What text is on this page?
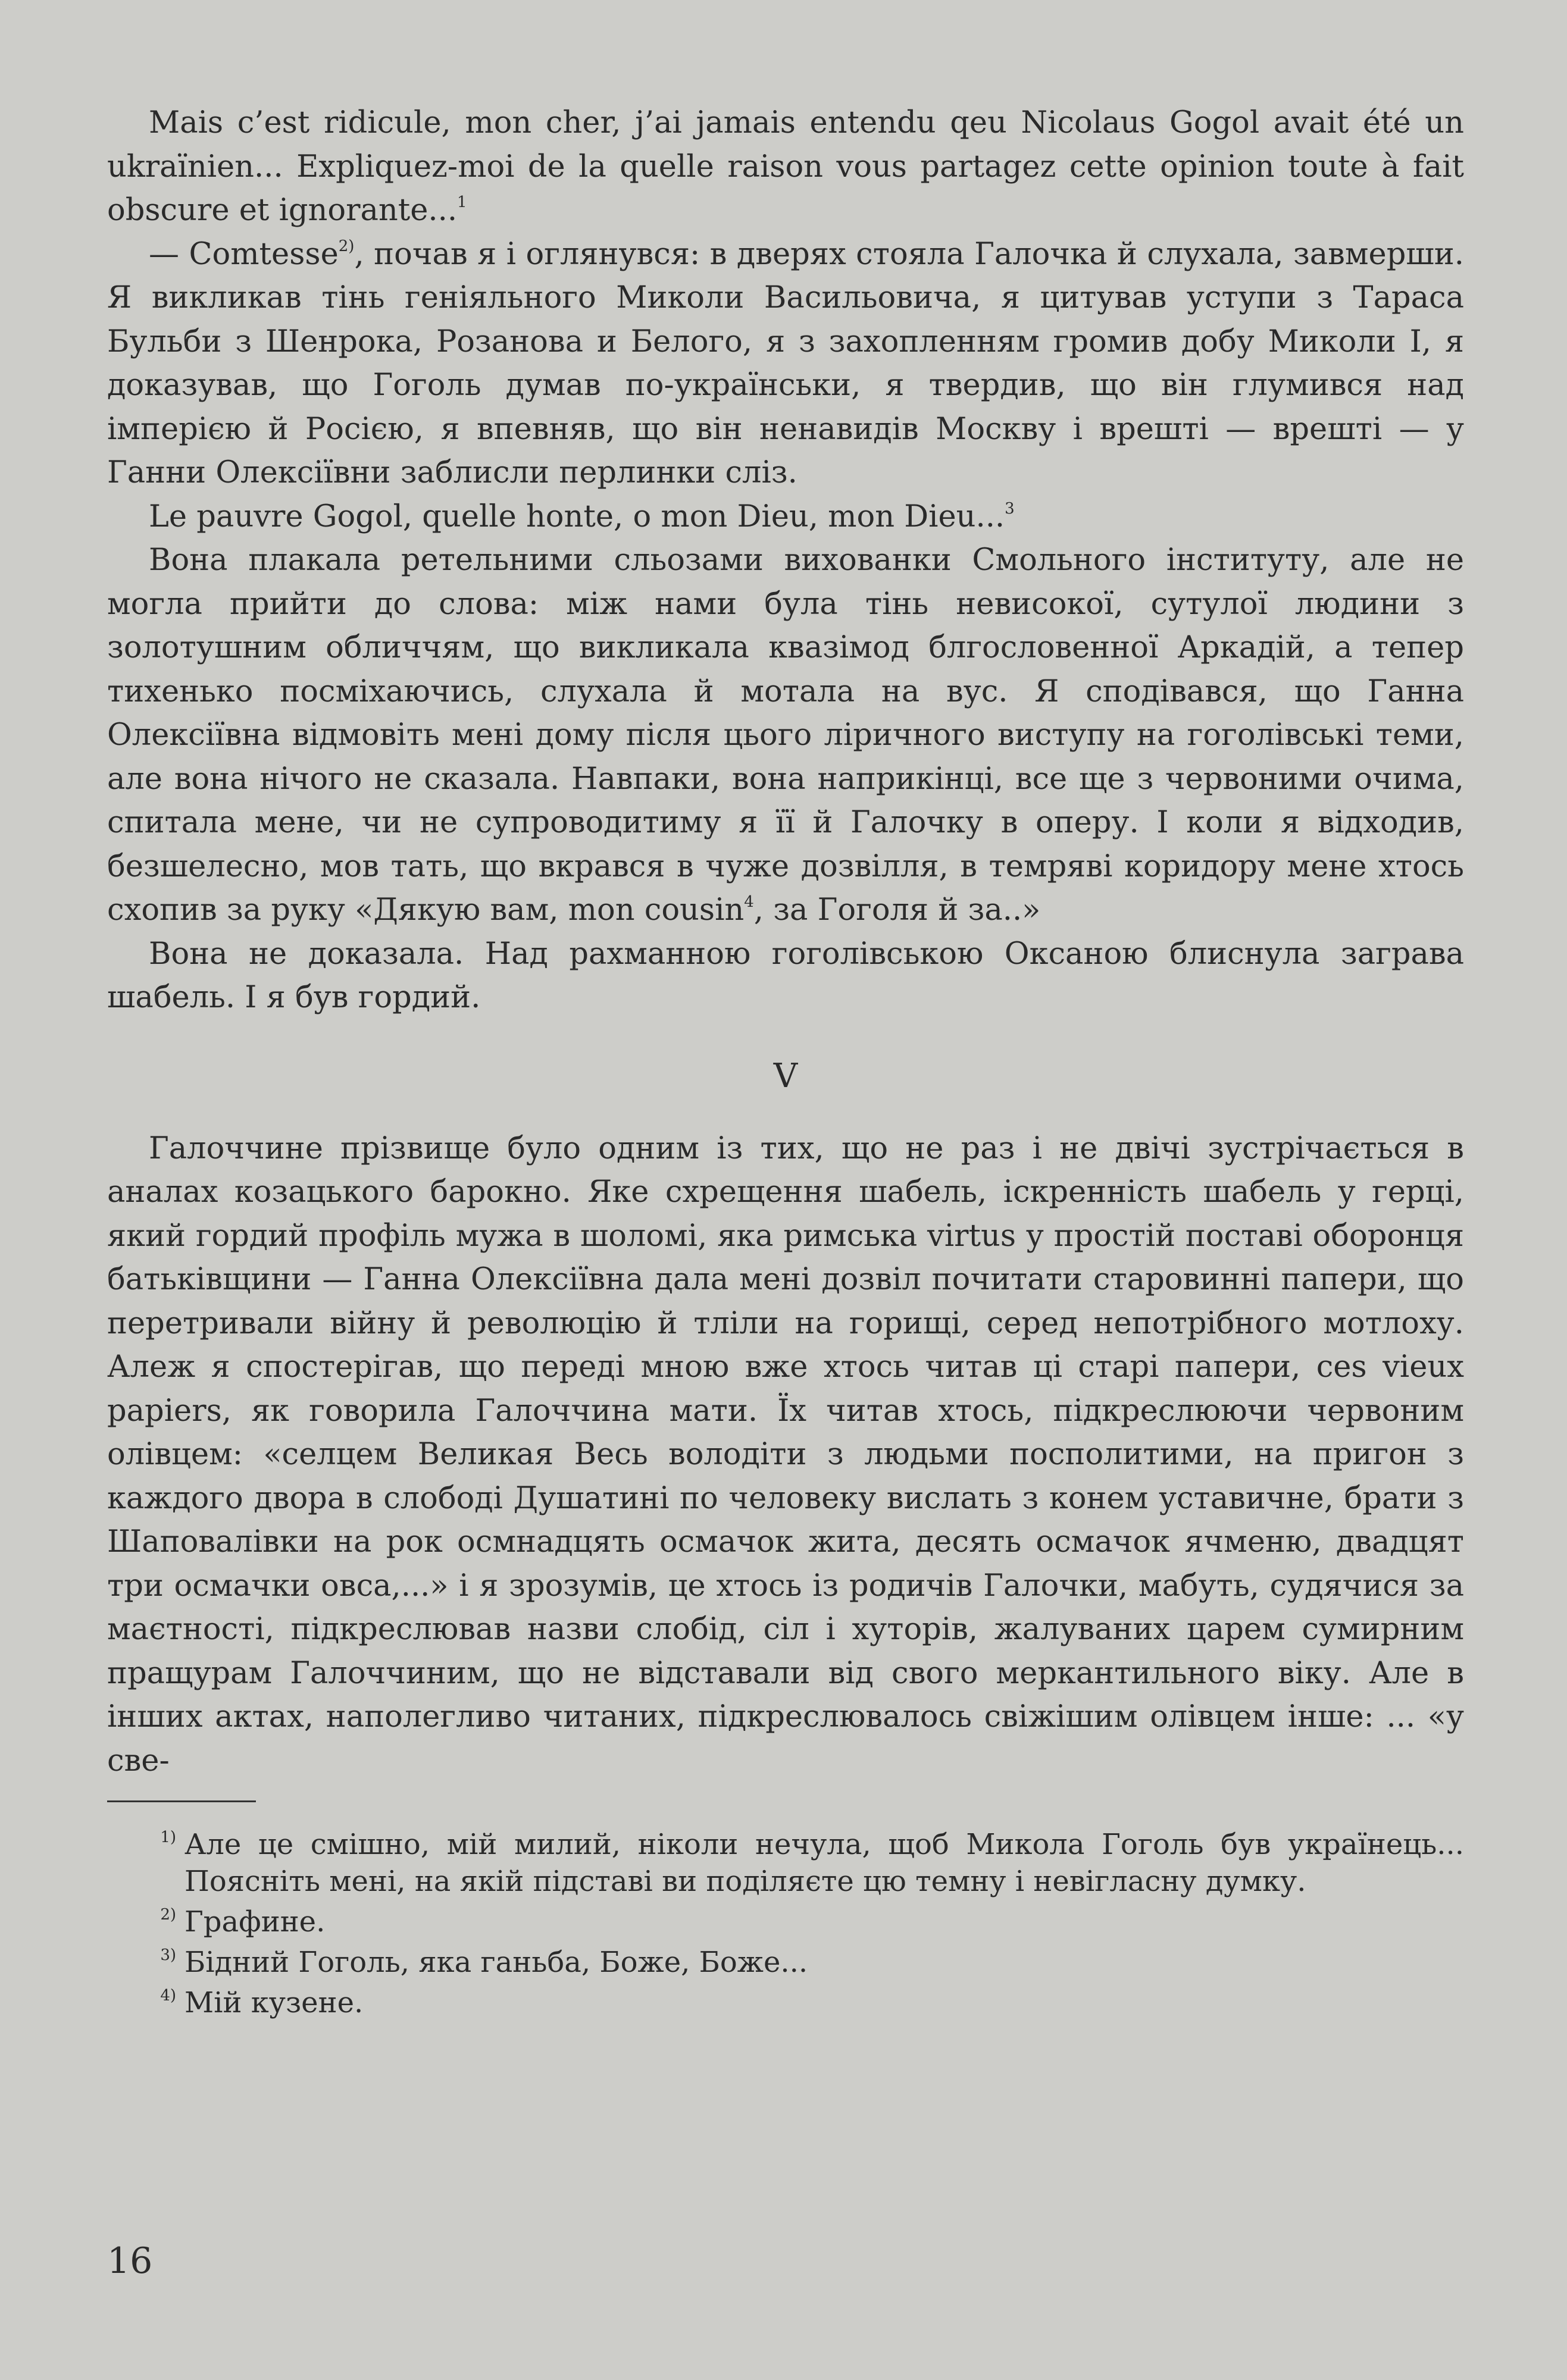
Mais c’est ridicule, mon cher, j’ai jamais entendu qeu Nicolaus Gogol avait été un ukraïnien... Expliquez-moi de la quelle raison vous partagez cette opinion toute à fait obscure et ignorante...$^1$

— Comtesse$^{2)}$, почав я і оглянувся: в дверях стояла Галочка й слухала, завмерши. Я викликав тінь геніяльного Миколи Васильовича, я цитував уступи з Тараса Бульби з Шенрока, Розанова и Белого, я з захопленням громив добу Миколи І, я доказував, що Гоголь думав по-українськи, я твердив, що він глумився над імперією й Росією, я впевняв, що він ненавидів Москву і врешті — врешті — у Ганни Олексіївни заблисли перлинки сліз.

Le pauvre Gogol, quelle honte, o mon Dieu, mon Dieu...$^3$

Вона плакала ретельними сльозами вихованки Смольного інституту, але не могла прийти до слова: між нами була тінь невисокої, сутулої людини з золотушним обличчям, що викликала квазімод блгословенної Аркадій, а тепер тихенько посміхаючись, слухала й мотала на вус. Я сподівався, що Ганна Олексіївна відмовіть мені дому після цього ліричного виступу на гоголівські теми, але вона нічого не сказала. Навпаки, вона наприкінці, все ще з червоними очима, спитала мене, чи не супроводитиму я її й Галочку в оперу. І коли я відходив, безшелесно, мов тать, що вкрався в чуже дозвілля, в темряві коридору мене хтось схопив за руку «Дякую вам, mon cousin$^4$, за Гоголя й за..»

Вона не доказала. Над рахманною гоголівською Оксаною блиснула заграва шабель. І я був гордий.

V

Галоччине прізвище було одним із тих, що не раз і не двічі зустрічається в аналах козацького барокно. Яке схрещення шабель, іскренність шабель у герці, який гордий профіль мужа в шоломі, яка римська virtus у простій поставі оборонця батьківщини — Ганна Олексіївна дала мені дозвіл почитати старовинні папери, що перетривали війну й революцію й тліли на горищі, серед непотрібного мотлоху. Алеж я спостерігав, що переді мною вже хтось читав ці старі папери, ces vieux papiers, як говорила Галоччина мати. Їх читав хтось, підкреслюючи червоним олівцем: «селцем Великая Весь володіти з людьми посполитими, на пригон з каждого двора в слободі Душатині по человеку вислать з конем уставичне, брати з Шаповалівки на рок осмнадцять осмачок жита, десять осмачок ячменю, двадцят три осмачки овса,...» і я зрозумів, це хтось із родичів Галочки, мабуть, судячися за маєтності, підкреслював назви слобід, сіл і хуторів, жалуваних царем сумирним пращурам Галоччиним, що не відставали від свого меркантильного віку. Але в інших актах, наполегливо читаних, підкреслювалось свіжішим олівцем інше: ... «у све-

$^{1)}$ Але це смішно, мій милий, ніколи нечула, щоб Микола Гоголь був українець... Поясніть мені, на якій підставі ви поділяєте цю темну і невігласну думку.
$^{2)}$ Графине.
$^{3)}$ Бідний Гоголь, яка ганьба, Боже, Боже...
$^{4)}$ Мій кузене.
16
